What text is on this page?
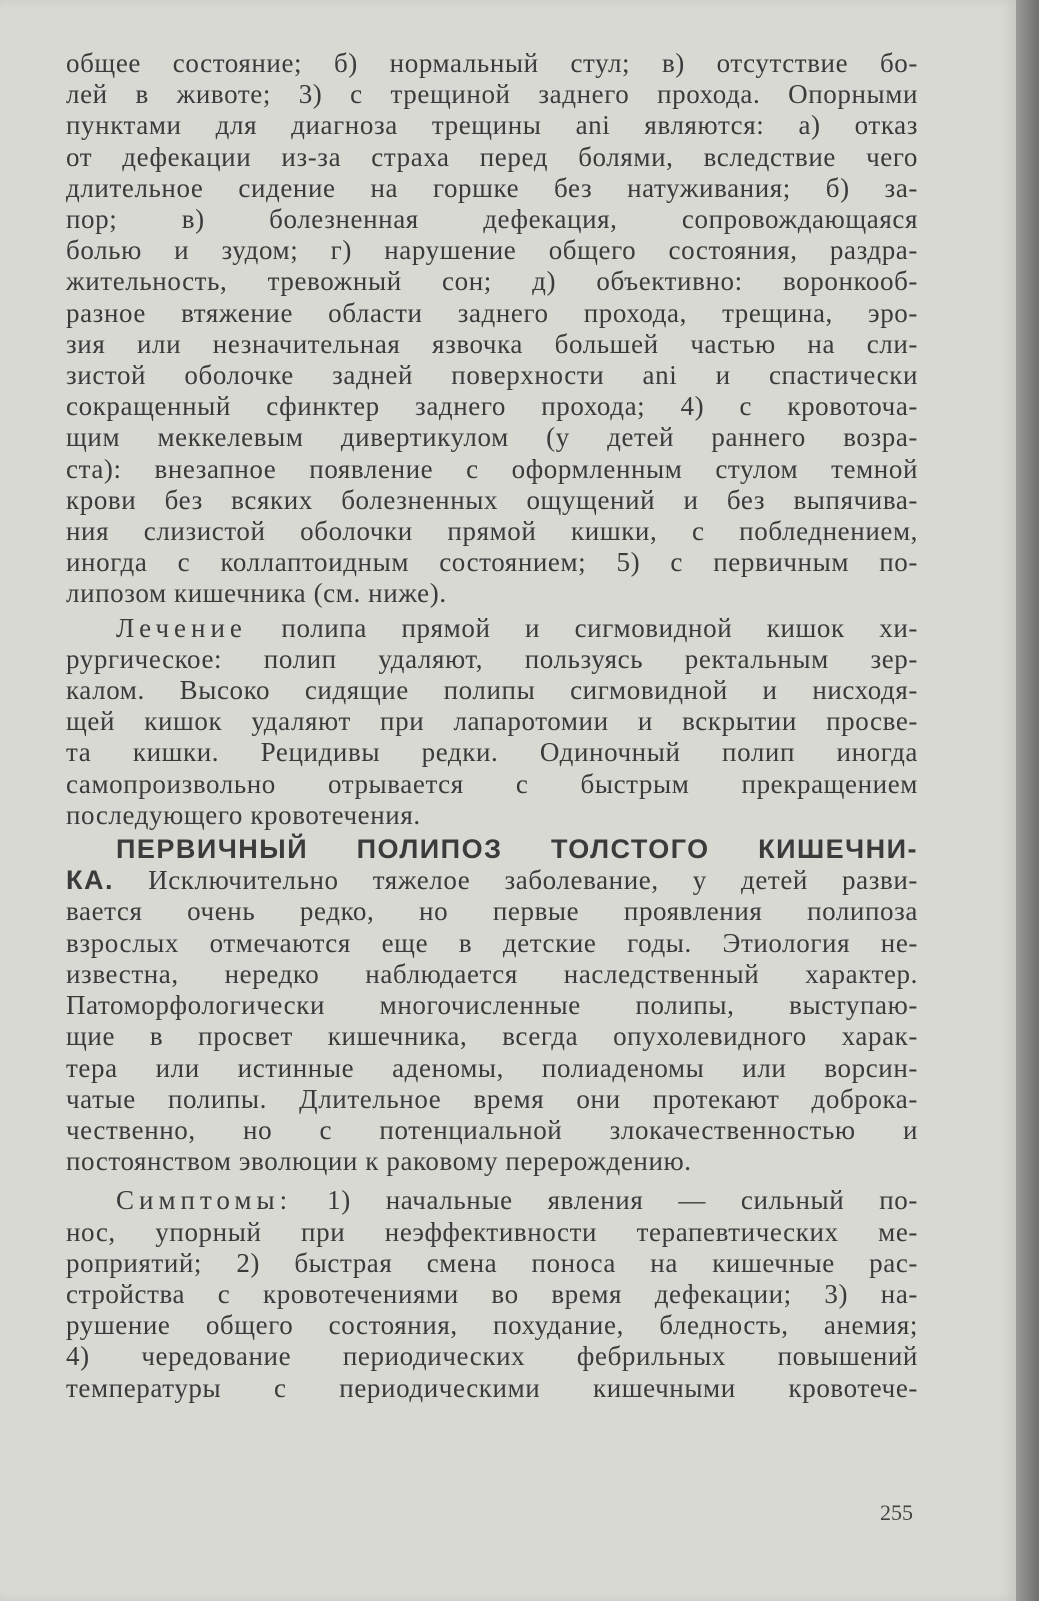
общее состояние; б) нормальный стул; в) отсутствие бо-
лей в животе; 3) с трещиной заднего прохода. Опорными
пунктами для диагноза трещины ani являются: а) отказ
от дефекации из-за страха перед болями, вследствие чего
длительное сидение на горшке без натуживания; б) за-
пор; в) болезненная дефекация, сопровождающаяся
болью и зудом; г) нарушение общего состояния, раздра-
жительность, тревожный сон; д) объективно: воронкооб-
разное втяжение области заднего прохода, трещина, эро-
зия или незначительная язвочка большей частью на сли-
зистой оболочке задней поверхности ani и спастически
сокращенный сфинктер заднего прохода; 4) с кровоточа-
щим меккелевым дивертикулом (у детей раннего возра-
ста): внезапное появление с оформленным стулом темной
крови без всяких болезненных ощущений и без выпячива-
ния слизистой оболочки прямой кишки, с побледнением,
иногда с коллаптоидным состоянием; 5) с первичным по-
липозом кишечника (см. ниже).
Лечение полипа прямой и сигмовидной кишок хи-
рургическое: полип удаляют, пользуясь ректальным зер-
калом. Высоко сидящие полипы сигмовидной и нисходя-
щей кишок удаляют при лапаротомии и вскрытии просве-
та кишки. Рецидивы редки. Одиночный полип иногда
самопроизвольно отрывается с быстрым прекращением
последующего кровотечения.
ПЕРВИЧНЫЙ ПОЛИПОЗ ТОЛСТОГО КИШЕЧНИ-
КА. Исключительно тяжелое заболевание, у детей разви-
вается очень редко, но первые проявления полипоза
взрослых отмечаются еще в детские годы. Этиология не-
известна, нередко наблюдается наследственный характер.
Патоморфологически многочисленные полипы, выступаю-
щие в просвет кишечника, всегда опухолевидного харак-
тера или истинные аденомы, полиаденомы или ворсин-
чатые полипы. Длительное время они протекают доброка-
чественно, но с потенциальной злокачественностью и
постоянством эволюции к раковому перерождению.
Симптомы: 1) начальные явления — сильный по-
нос, упорный при неэффективности терапевтических ме-
роприятий; 2) быстрая смена поноса на кишечные рас-
стройства с кровотечениями во время дефекации; 3) на-
рушение общего состояния, похудание, бледность, анемия;
4) чередование периодических фебрильных повышений
температуры с периодическими кишечными кровотече-
255
